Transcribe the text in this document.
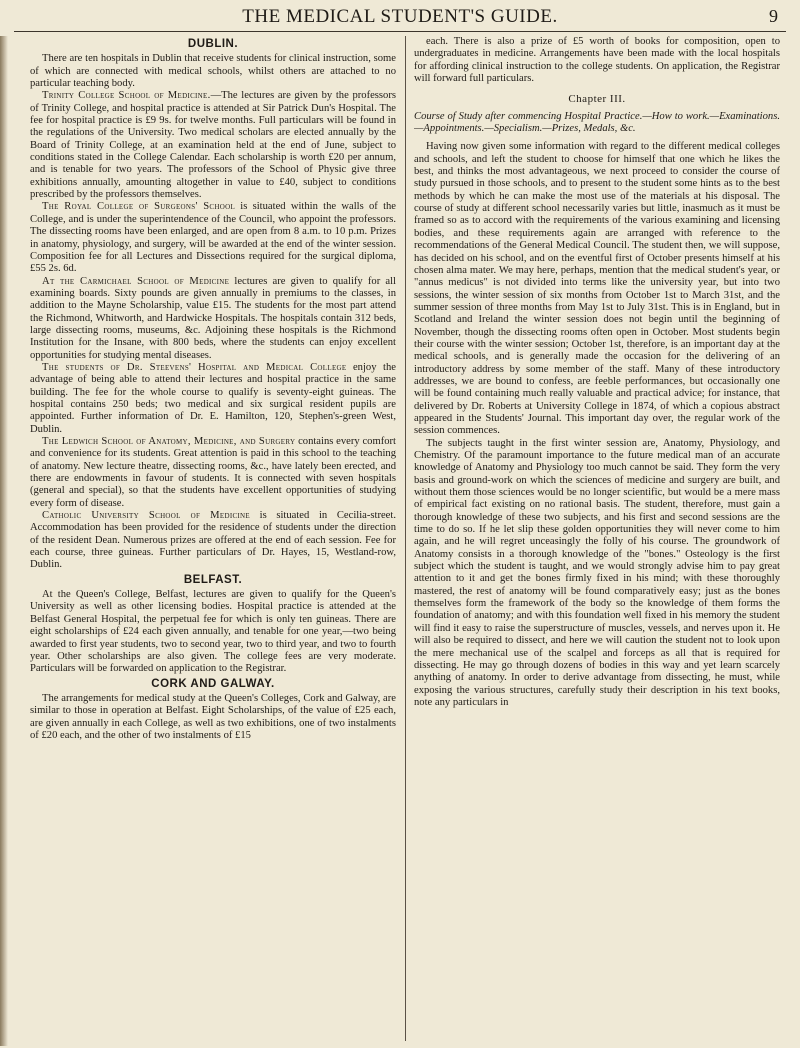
THE MEDICAL STUDENT'S GUIDE.	9
DUBLIN.

There are ten hospitals in Dublin that receive students for clinical instruction, some of which are connected with medical schools, whilst others are attached to no particular teaching body.

Trinity College School of Medicine.—The lectures are given by the professors of Trinity College, and hospital practice is attended at Sir Patrick Dun's Hospital. The fee for hospital practice is £9 9s. for twelve months. Full particulars will be found in the regulations of the University. Two medical scholars are elected annually by the Board of Trinity College, at an examination held at the end of June, subject to conditions stated in the College Calendar. Each scholarship is worth £20 per annum, and is tenable for two years. The professors of the School of Physic give three exhibitions annually, amounting altogether in value to £40, subject to conditions prescribed by the professors themselves.

The Royal College of Surgeons' School is situated within the walls of the College, and is under the superintendence of the Council, who appoint the professors. The dissecting rooms have been enlarged, and are open from 8 a.m. to 10 p.m. Prizes in anatomy, physiology, and surgery, will be awarded at the end of the winter session. Composition fee for all Lectures and Dissections required for the surgical diploma, £55 2s. 6d.

At the Carmichael School of Medicine lectures are given to qualify for all examining boards. Sixty pounds are given annually in premiums to the classes, in addition to the Mayne Scholarship, value £15. The students for the most part attend the Richmond, Whitworth, and Hardwicke Hospitals. The hospitals contain 312 beds, large dissecting rooms, museums, &c. Adjoining these hospitals is the Richmond Institution for the Insane, with 800 beds, where the students can enjoy excellent opportunities for studying mental diseases.

The students of Dr. Steevens' Hospital and Medical College enjoy the advantage of being able to attend their lectures and hospital practice in the same building. The fee for the whole course to qualify is seventy-eight guineas. The hospital contains 250 beds; two medical and six surgical resident pupils are appointed. Further information of Dr. E. Hamilton, 120, Stephen's-green West, Dublin.

The Ledwich School of Anatomy, Medicine, and Surgery contains every comfort and convenience for its students. Great attention is paid in this school to the teaching of anatomy. New lecture theatre, dissecting rooms, &c., have lately been erected, and there are endowments in favour of students. It is connected with seven hospitals (general and special), so that the students have excellent opportunities of studying every form of disease.

Catholic University School of Medicine is situated in Cecilia-street. Accommodation has been provided for the residence of students under the direction of the resident Dean. Numerous prizes are offered at the end of each session. Fee for each course, three guineas. Further particulars of Dr. Hayes, 15, Westland-row, Dublin.

BELFAST.

At the Queen's College, Belfast, lectures are given to qualify for the Queen's University as well as other licensing bodies. Hospital practice is attended at the Belfast General Hospital, the perpetual fee for which is only ten guineas. There are eight scholarships of £24 each given annually, and tenable for one year,—two being awarded to first year students, two to second year, two to third year, and two to fourth year. Other scholarships are also given. The college fees are very moderate. Particulars will be forwarded on application to the Registrar.

CORK AND GALWAY.

The arrangements for medical study at the Queen's Colleges, Cork and Galway, are similar to those in operation at Belfast. Eight Scholarships, of the value of £25 each, are given annually in each College, as well as two exhibitions, one of two instalments of £20 each, and the other of two instalments of £15

each. There is also a prize of £5 worth of books for composition, open to undergraduates in medicine. Arrangements have been made with the local hospitals for affording clinical instruction to the college students. On application, the Registrar will forward full particulars.

Chapter III.

Course of Study after commencing Hospital Practice.—How to work.—Examinations.—Appointments.—Specialism.—Prizes, Medals, &c.

Having now given some information with regard to the different medical colleges and schools, and left the student to choose for himself that one which he likes the best, and thinks the most advantageous, we next proceed to consider the course of study pursued in those schools, and to present to the student some hints as to the best methods by which he can make the most use of the materials at his disposal. The course of study at different school necessarily varies but little, inasmuch as it must be framed so as to accord with the requirements of the various examining and licensing bodies, and these requirements again are arranged with reference to the recommendations of the General Medical Council. The student then, we will suppose, has decided on his school, and on the eventful first of October presents himself at his chosen alma mater. We may here, perhaps, mention that the medical student's year, or "annus medicus" is not divided into terms like the university year, but into two sessions, the winter session of six months from October 1st to March 31st, and the summer session of three months from May 1st to July 31st. This is in England, but in Scotland and Ireland the winter session does not begin until the beginning of November, though the dissecting rooms often open in October. Most students begin their course with the winter session; October 1st, therefore, is an important day at the medical schools, and is generally made the occasion for the delivering of an introductory address by some member of the staff. Many of these introductory addresses, we are bound to confess, are feeble performances, but occasionally one will be found containing much really valuable and practical advice; for instance, that delivered by Dr. Roberts at University College in 1874, of which a copious abstract appeared in the Students' Journal. This important day over, the regular work of the session commences.

The subjects taught in the first winter session are, Anatomy, Physiology, and Chemistry. Of the paramount importance to the future medical man of an accurate knowledge of Anatomy and Physiology too much cannot be said. They form the very basis and ground-work on which the sciences of medicine and surgery are built, and without them those sciences would be no longer scientific, but would be a mere mass of empirical fact existing on no rational basis. The student, therefore, must gain a thorough knowledge of these two subjects, and his first and second sessions are the time to do so. If he let slip these golden opportunities they will never come to him again, and he will regret unceasingly the folly of his course. The groundwork of Anatomy consists in a thorough knowledge of the "bones." Osteology is the first subject which the student is taught, and we would strongly advise him to pay great attention to it and get the bones firmly fixed in his mind; with these thoroughly mastered, the rest of anatomy will be found comparatively easy; just as the bones themselves form the framework of the body so the knowledge of them forms the foundation of anatomy; and with this foundation well fixed in his memory the student will find it easy to raise the superstructure of muscles, vessels, and nerves upon it. He will also be required to dissect, and here we will caution the student not to look upon the mere mechanical use of the scalpel and forceps as all that is required for dissecting. He may go through dozens of bodies in this way and yet learn scarcely anything of anatomy. In order to derive advantage from dissecting, he must, while exposing the various structures, carefully study their description in his text books, note any particulars in
